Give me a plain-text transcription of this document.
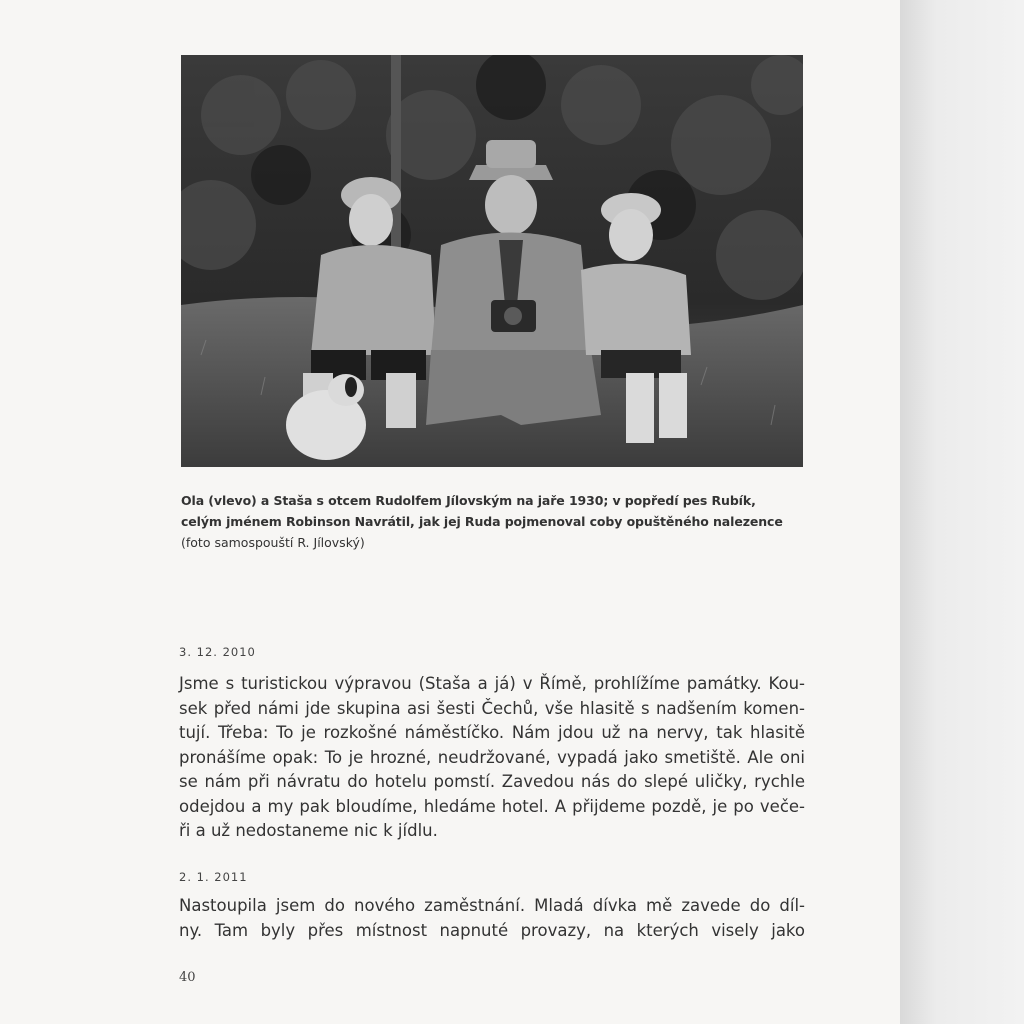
Ola (vlevo) a Staša s otcem Rudolfem Jílovským na jaře 1930; v popředí pes Rubík,
celým jménem Robinson Navrátil, jak jej Ruda pojmenoval coby opuštěného nalezence
(foto samospouští R. Jílovský)
3. 12. 2010
Jsme s turistickou výpravou (Staša a já) v Římě, prohlížíme památky. Kou-
sek před námi jde skupina asi šesti Čechů, vše hlasitě s nadšením komen-
tují. Třeba: To je rozkošné náměstíčko. Nám jdou už na nervy, tak hlasitě
pronášíme opak: To je hrozné, neudržované, vypadá jako smetiště. Ale oni
se nám při návratu do hotelu pomstí. Zavedou nás do slepé uličky, rychle
odejdou a my pak bloudíme, hledáme hotel. A přijdeme pozdě, je po veče-
ři a už nedostaneme nic k jídlu.
2. 1. 2011
Nastoupila jsem do nového zaměstnání. Mladá dívka mě zavede do díl-
ny. Tam byly přes místnost napnuté provazy, na kterých visely jako
40
